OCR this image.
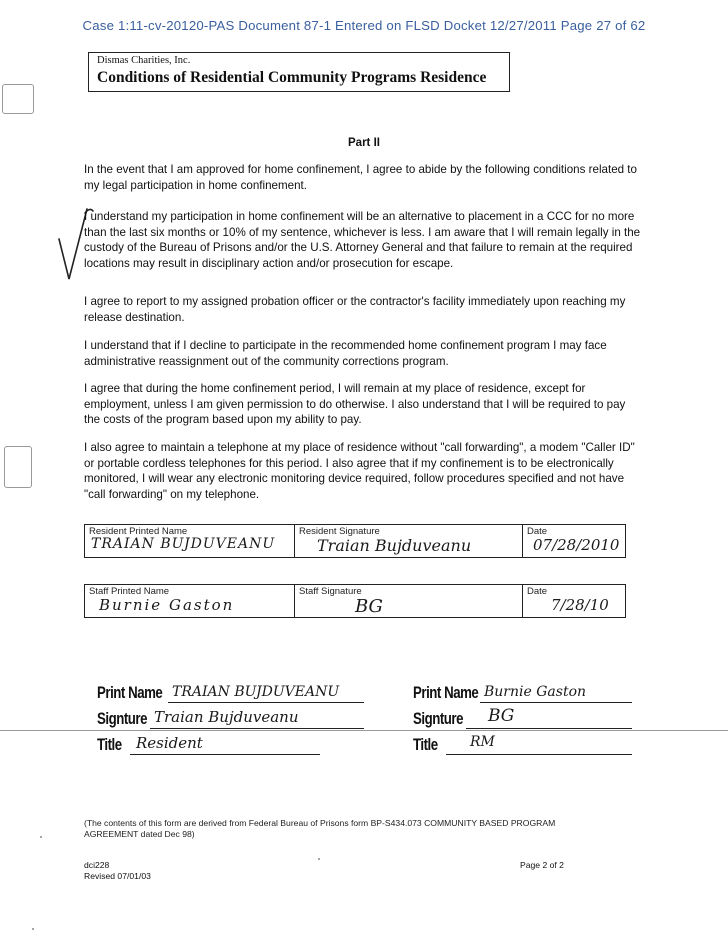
Case 1:11-cv-20120-PAS Document 87-1 Entered on FLSD Docket 12/27/2011 Page 27 of 62
Dismas Charities, Inc.
Conditions of Residential Community Programs Residence
Part II
In the event that I am approved for home confinement, I agree to abide by the following conditions related to my legal participation in home confinement.
I understand my participation in home confinement will be an alternative to placement in a CCC for no more than the last six months or 10% of my sentence, whichever is less. I am aware that I will remain legally in the custody of the Bureau of Prisons and/or the U.S. Attorney General and that failure to remain at the required locations may result in disciplinary action and/or prosecution for escape.
I agree to report to my assigned probation officer or the contractor's facility immediately upon reaching my release destination.
I understand that if I decline to participate in the recommended home confinement program I may face administrative reassignment out of the community corrections program.
I agree that during the home confinement period, I will remain at my place of residence, except for employment, unless I am given permission to do otherwise. I also understand that I will be required to pay the costs of the program based upon my ability to pay.
I also agree to maintain a telephone at my place of residence without "call forwarding", a modem "Caller ID" or portable cordless telephones for this period. I also agree that if my confinement is to be electronically monitored, I will wear any electronic monitoring device required, follow procedures specified and not have "call forwarding" on my telephone.
Resident Printed Name
TRAIAN BUJDUVEANU
Resident Signature
Traian Bujduveanu
Date
07/28/2010
Staff Printed Name
Burnie Gaston
Staff Signature
BG
Date
7/28/10
Print Name TRAIAN BUJDUVEANU
Signture Traian Bujduveanu
Title Resident
Print Name Burnie Gaston
Signture BG
Title RM
(The contents of this form are derived from Federal Bureau of Prisons form BP-S434.073 COMMUNITY BASED PROGRAM AGREEMENT dated Dec 98)
dci228
Revised 07/01/03
Page 2 of 2
